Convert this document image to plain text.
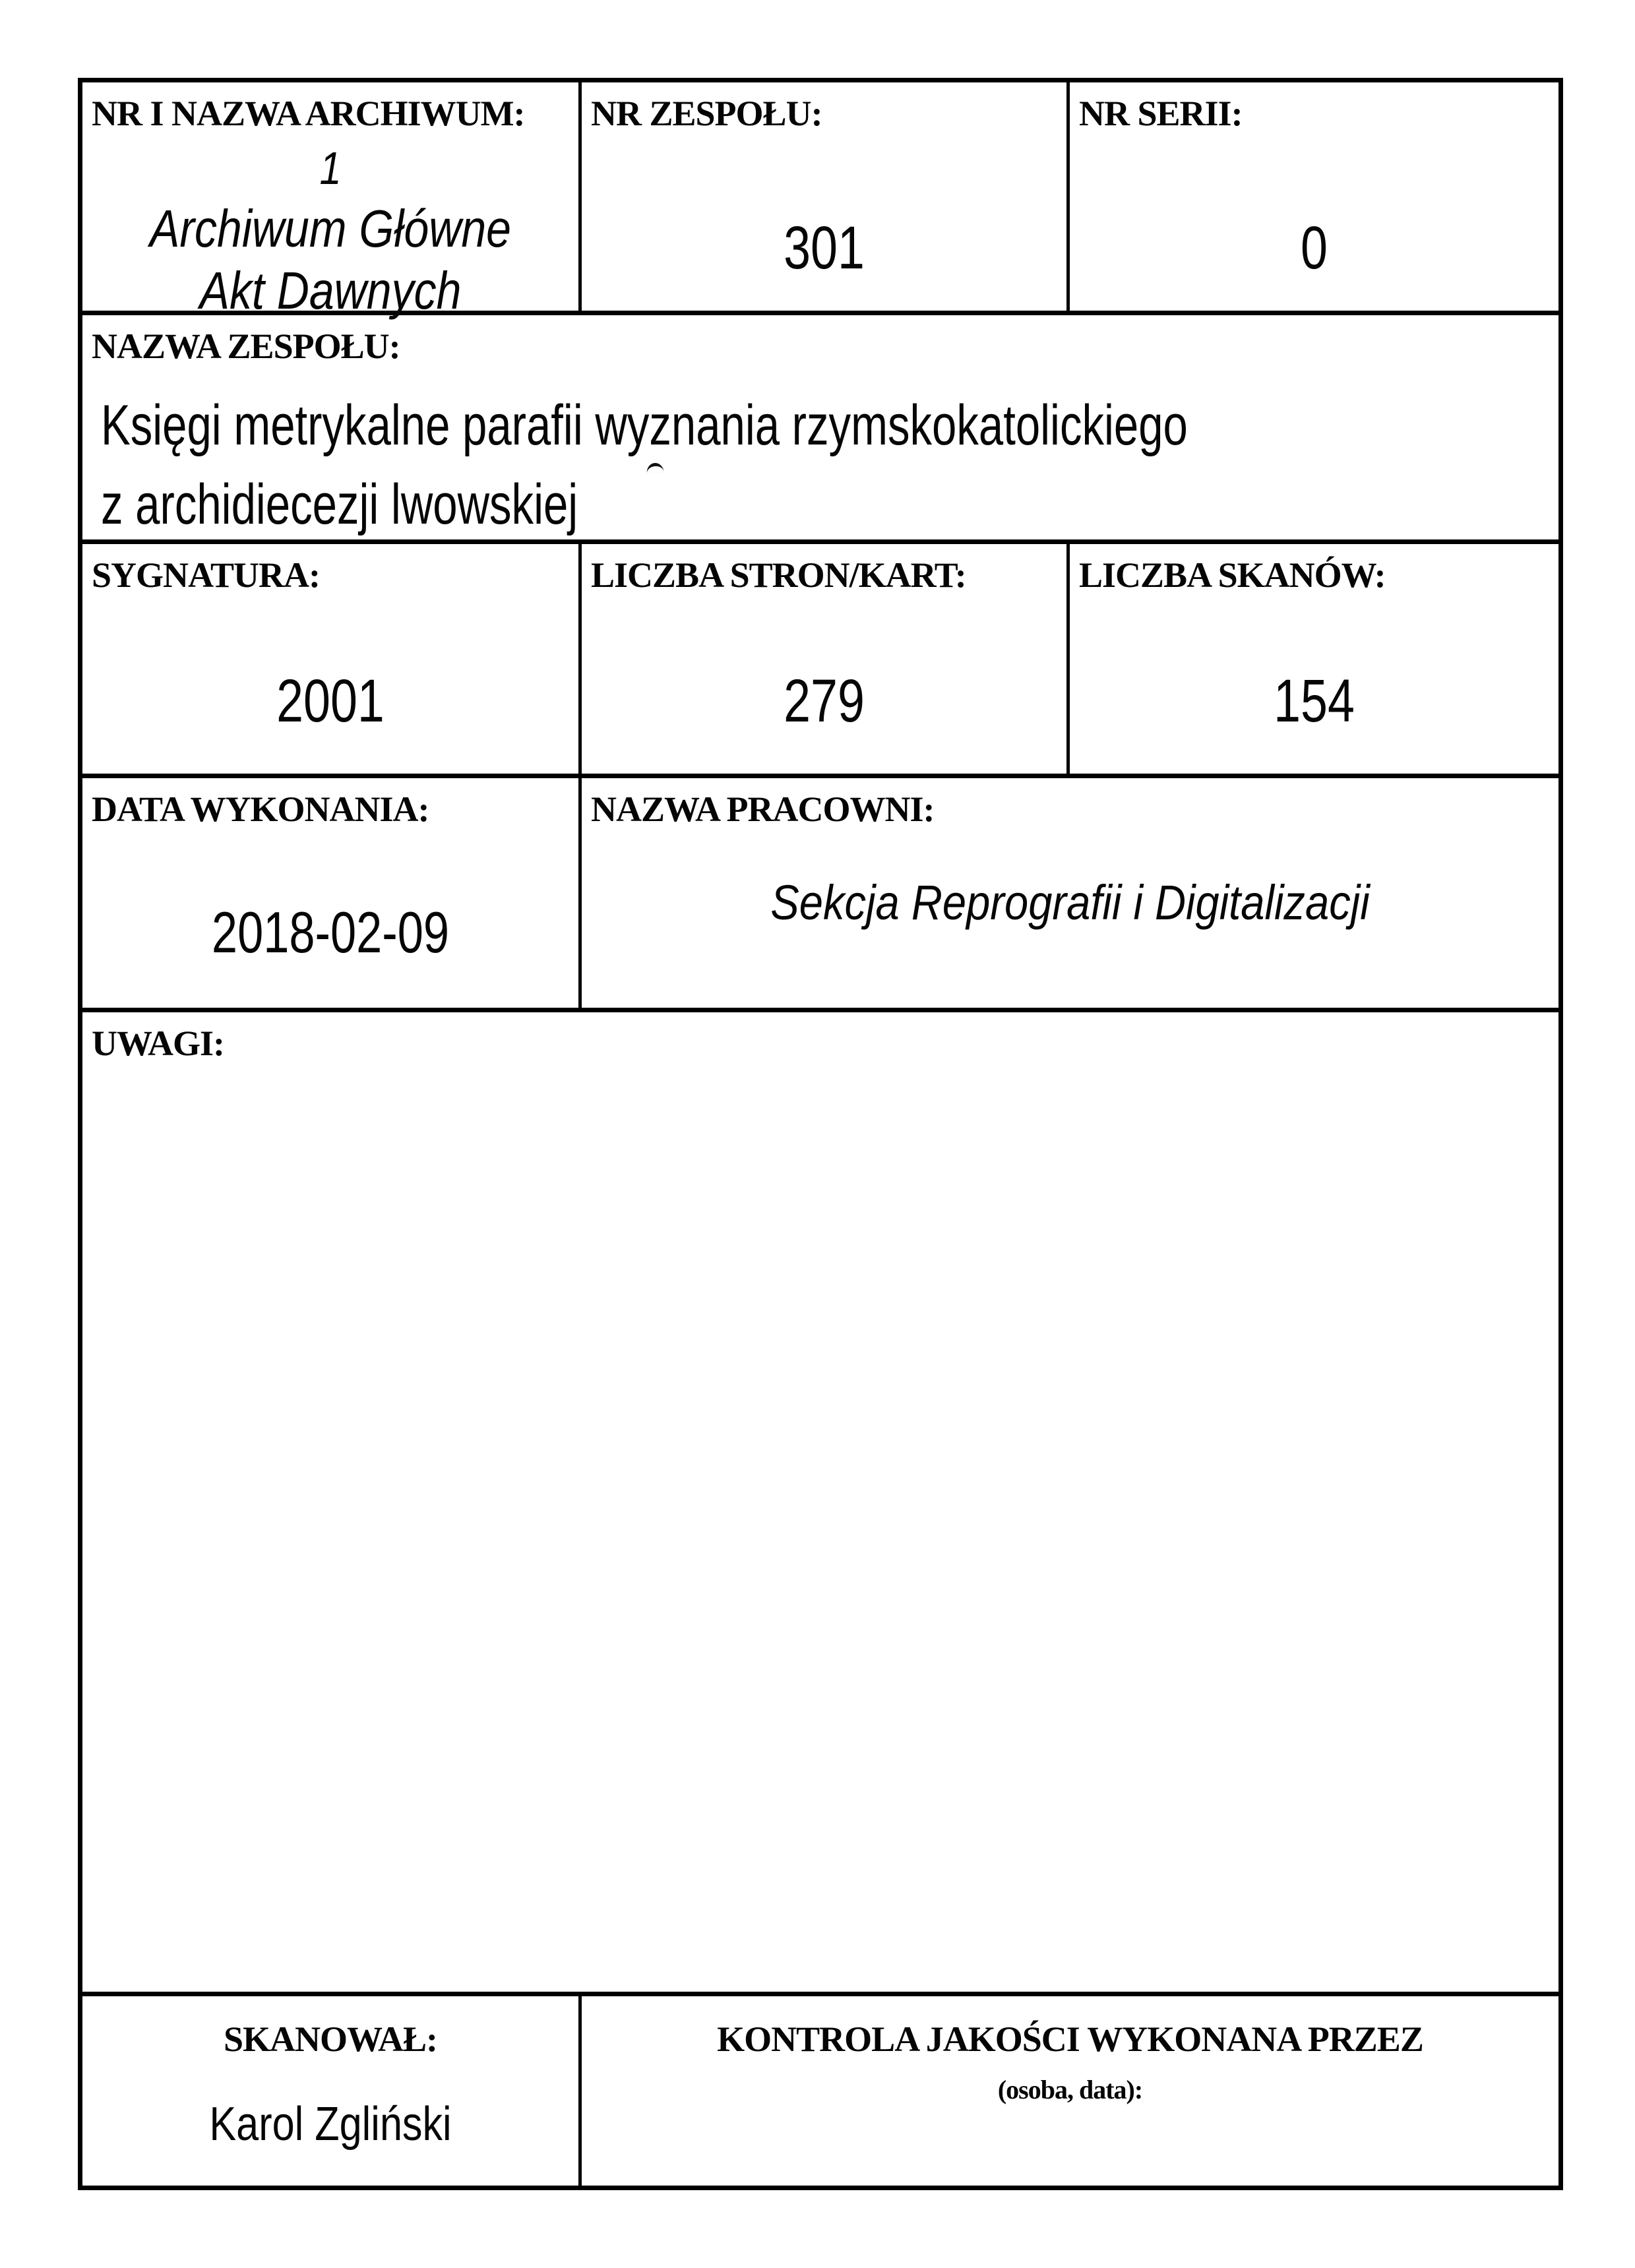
NR I NAZWA ARCHIWUM:
1
Archiwum Główne
Akt Dawnych
NR ZESPOŁU:
301
NR SERII:
0
NAZWA ZESPOŁU:
Księgi metrykalne parafii wyznania rzymskokatolickiego
z archidiecezji lwowskiej
SYGNATURA:
2001
LICZBA STRON/KART:
279
LICZBA SKANÓW:
154
DATA WYKONANIA:
2018-02-09
NAZWA PRACOWNI:
Sekcja Reprografii i Digitalizacji
UWAGI:
SKANOWAŁ:
Karol Zgliński
KONTROLA JAKOŚCI WYKONANA PRZEZ
(osoba, data):
